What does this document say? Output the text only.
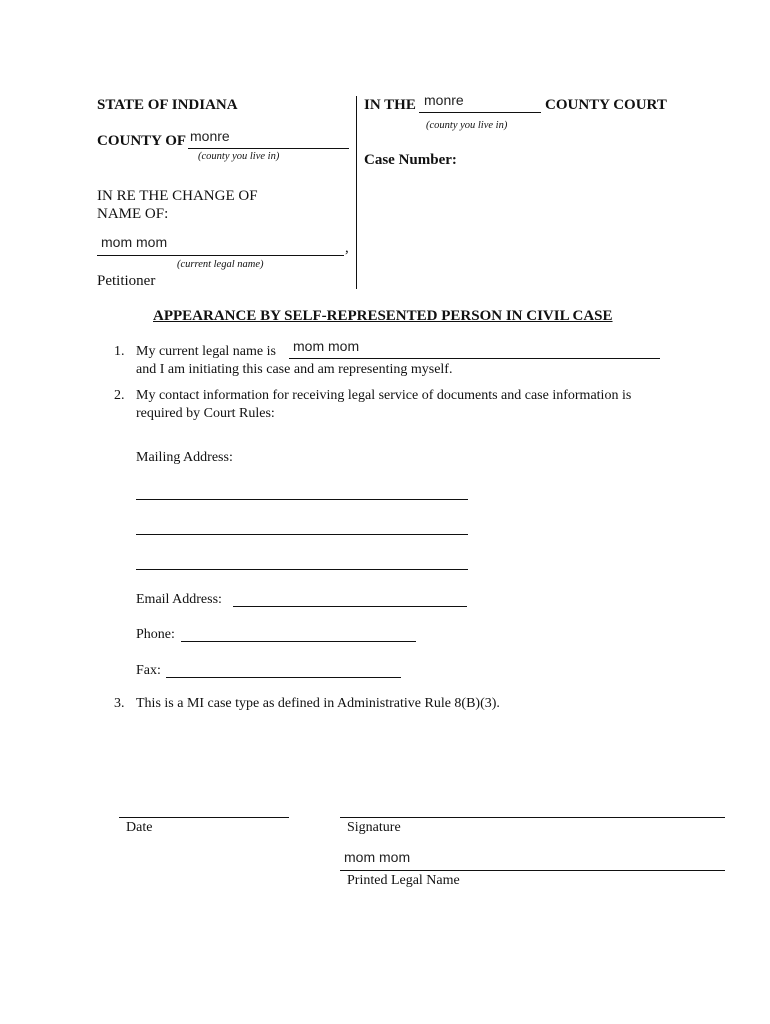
STATE OF INDIANA
COUNTY OF monre
(county you live in)
IN RE THE CHANGE OF
NAME OF:
mom mom	,
(current legal name)
Petitioner
IN THE monre	COUNTY COURT
(county you live in)
Case Number:
APPEARANCE BY SELF-REPRESENTED PERSON IN CIVIL CASE
1. My current legal name is mom mom
and I am initiating this case and am representing myself.
2. My contact information for receiving legal service of documents and case information is
required by Court Rules:
Mailing Address:
Email Address:
Phone:
Fax:
3. This is a MI case type as defined in Administrative Rule 8(B)(3).
Date	Signature
mom mom
Printed Legal Name
